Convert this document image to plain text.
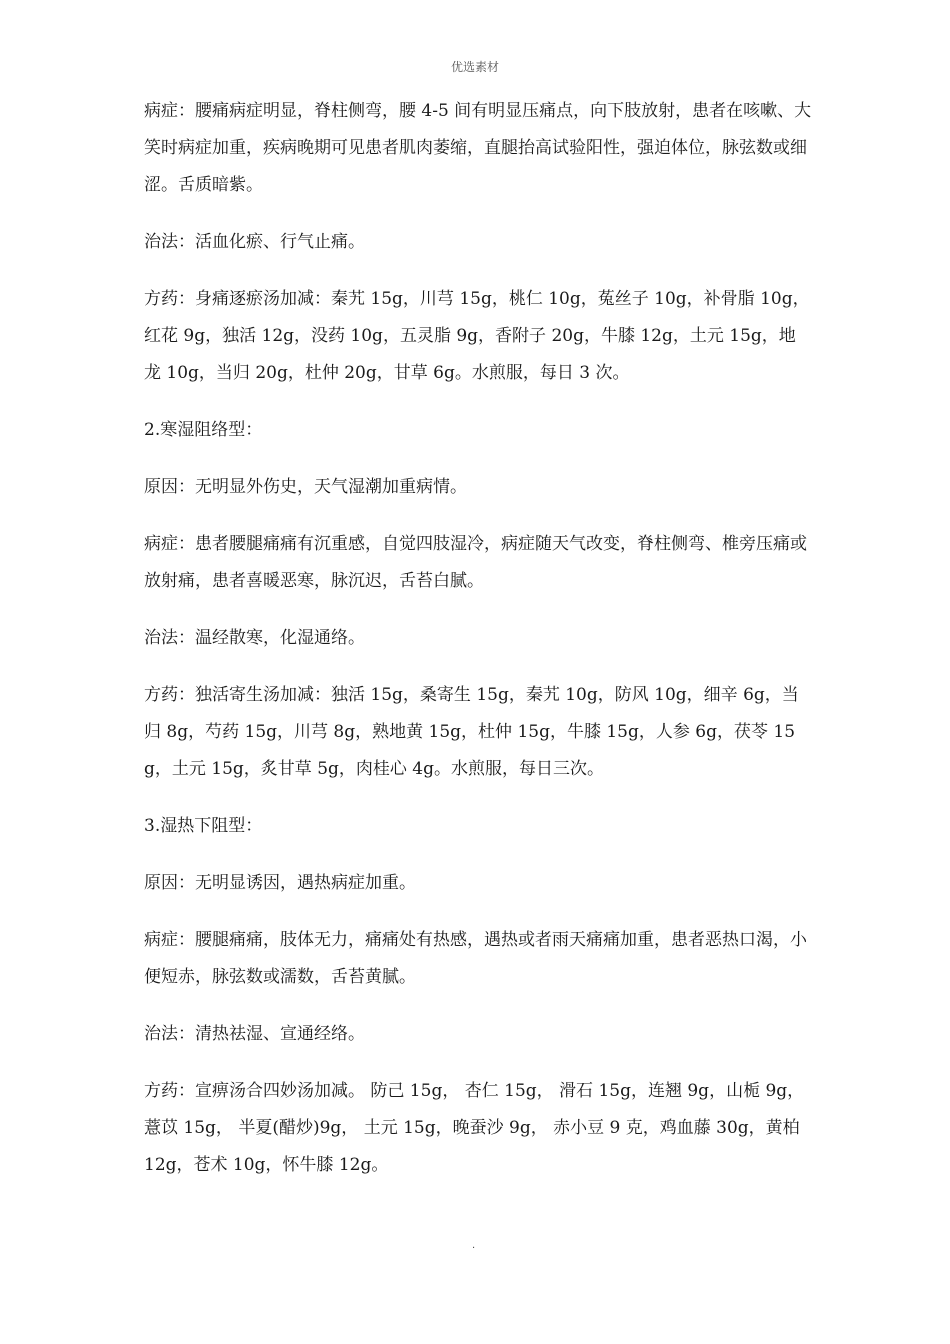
优选素材

病症：腰痛病症明显，脊柱侧弯，腰 4-5 间有明显压痛点，向下肢放射，患者在咳嗽、大笑时病症加重，疾病晚期可见患者肌肉萎缩，直腿抬高试验阳性，强迫体位，脉弦数或细涩。舌质暗紫。

治法：活血化瘀、行气止痛。

方药：身痛逐瘀汤加减：秦艽 15g，川芎 15g，桃仁 10g，菟丝子 10g，补骨脂 10g，红花 9g，独活 12g，没药 10g，五灵脂 9g，香附子 20g，牛膝 12g，土元 15g，地龙 10g，当归 20g，杜仲 20g，甘草 6g。水煎服，每日 3 次。

2.寒湿阻络型：

原因：无明显外伤史，天气湿潮加重病情。

病症：患者腰腿痛痛有沉重感，自觉四肢湿冷，病症随天气改变，脊柱侧弯、椎旁压痛或放射痛，患者喜暖恶寒，脉沉迟，舌苔白腻。

治法：温经散寒，化湿通络。

方药：独活寄生汤加减：独活 15g，桑寄生 15g，秦艽 10g，防风 10g，细辛 6g，当归 8g，芍药 15g，川芎 8g，熟地黄 15g，杜仲 15g，牛膝 15g，人参 6g，茯苓 15g，土元 15g，炙甘草 5g，肉桂心 4g。水煎服，每日三次。

3.湿热下阻型：

原因：无明显诱因，遇热病症加重。

病症：腰腿痛痛，肢体无力，痛痛处有热感，遇热或者雨天痛痛加重，患者恶热口渴，小便短赤，脉弦数或濡数，舌苔黄腻。

治法：清热祛湿、宣通经络。

方药：宣痹汤合四妙汤加减。 防己 15g， 杏仁 15g， 滑石 15g，连翘 9g，山栀 9g， 薏苡 15g， 半夏(醋炒)9g， 土元 15g，晚蚕沙 9g， 赤小豆 9 克，鸡血藤 30g，黄柏 12g，苍术 10g，怀牛膝 12g。

.
